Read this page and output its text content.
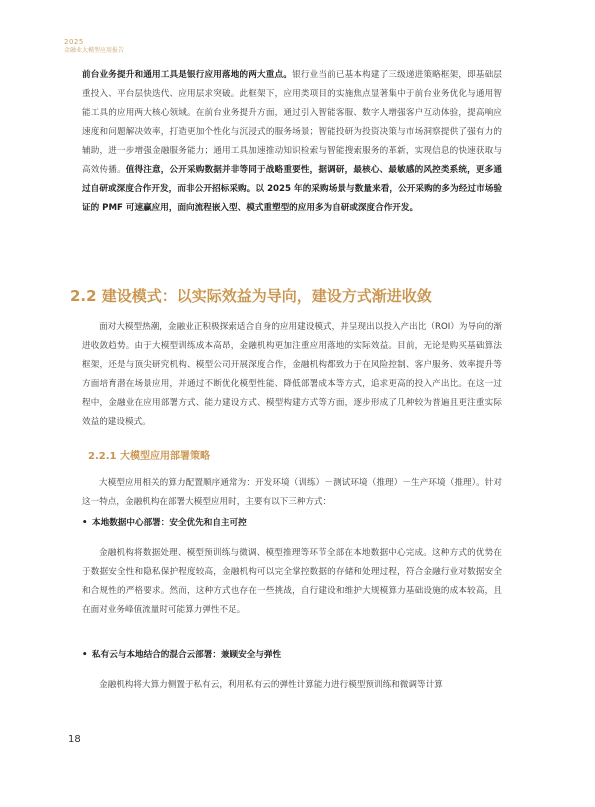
2025
金融业大模型应用报告

前台业务提升和通用工具是银行应用落地的两大重点。银行业当前已基本构建了三级递进策略框架，即基础层重投入、平台层快迭代、应用层求突破。此框架下，应用类项目的实施焦点显著集中于前台业务优化与通用智能工具的应用两大核心领域。在前台业务提升方面，通过引入智能客服、数字人增强客户互动体验，提高响应速度和问题解决效率，打造更加个性化与沉浸式的服务场景；智能投研为投资决策与市场洞察提供了强有力的辅助，进一步增强金融服务能力；通用工具加速推动知识检索与智能搜索服务的革新，实现信息的快速获取与高效传播。值得注意，公开采购数据并非等同于战略重要性，据调研，最核心、最敏感的风控类系统，更多通过自研或深度合作开发，而非公开招标采购。以 2025 年的采购场景与数量来看，公开采购的多为经过市场验证的 PMF 可速赢应用，面向流程嵌入型、模式重塑型的应用多为自研或深度合作开发。

2.2 建设模式：以实际效益为导向，建设方式渐进收敛

面对大模型热潮，金融业正积极探索适合自身的应用建设模式，并呈现出以投入产出比（ROI）为导向的渐进收敛趋势。由于大模型训练成本高昂，金融机构更加注重应用落地的实际效益。目前，无论是购买基础算法框架，还是与顶尖研究机构、模型公司开展深度合作，金融机构都致力于在风险控制、客户服务、效率提升等方面培育潜在场景应用，并通过不断优化模型性能、降低部署成本等方式，追求更高的投入产出比。在这一过程中，金融业在应用部署方式、能力建设方式、模型构建方式等方面，逐步形成了几种较为普遍且更注重实际效益的建设模式。

2.2.1 大模型应用部署策略

大模型应用相关的算力配置顺序通常为：开发环境（训练）－测试环境（推理）－生产环境（推理）。针对这一特点，金融机构在部署大模型应用时，主要有以下三种方式：

• 本地数据中心部署：安全优先和自主可控

金融机构将数据处理、模型预训练与微调、模型推理等环节全部在本地数据中心完成。这种方式的优势在于数据安全性和隐私保护程度较高，金融机构可以完全掌控数据的存储和处理过程，符合金融行业对数据安全和合规性的严格要求。然而，这种方式也存在一些挑战，自行建设和维护大规模算力基础设施的成本较高，且在面对业务峰值流量时可能算力弹性不足。

• 私有云与本地结合的混合云部署：兼顾安全与弹性

金融机构将大算力侧置于私有云，利用私有云的弹性计算能力进行模型预训练和微调等计算

18
